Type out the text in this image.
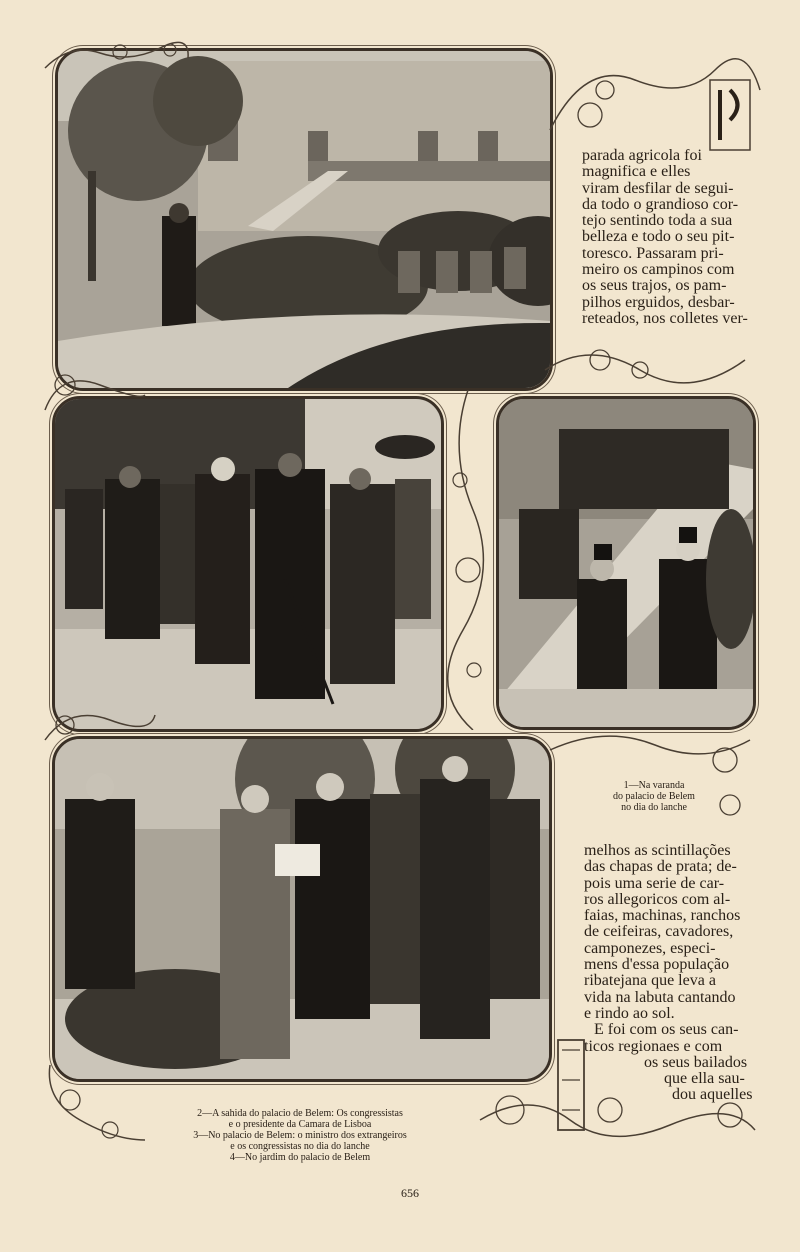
parada agricola foi
magnifica e elles
viram desfilar de segui-
da todo o grandioso cor-
tejo sentindo toda a sua
belleza e todo o seu pit-
toresco. Passaram pri-
meiro os campinos com
os seus trajos, os pam-
pilhos erguidos, desbar-
reteados, nos colletes ver-
1—Na varanda
do palacio de Belem
no dia do lanche
melhos as scintillações
das chapas de prata; de-
pois uma serie de car-
ros allegoricos com al-
faias, machinas, ranchos
de ceifeiras, cavadores,
camponezes, especi-
mens d'essa população
ribatejana que leva a
vida na labuta cantando
e rindo ao sol.
E foi com os seus can-
ticos regionaes e com
os seus bailados
que ella sau-
dou aquelles
2—A sahida do palacio de Belem: Os congressistas
e o presidente da Camara de Lisboa
3—No palacio de Belem: o ministro dos extrangeiros
e os congressistas no dia do lanche
4—No jardim do palacio de Belem
656
